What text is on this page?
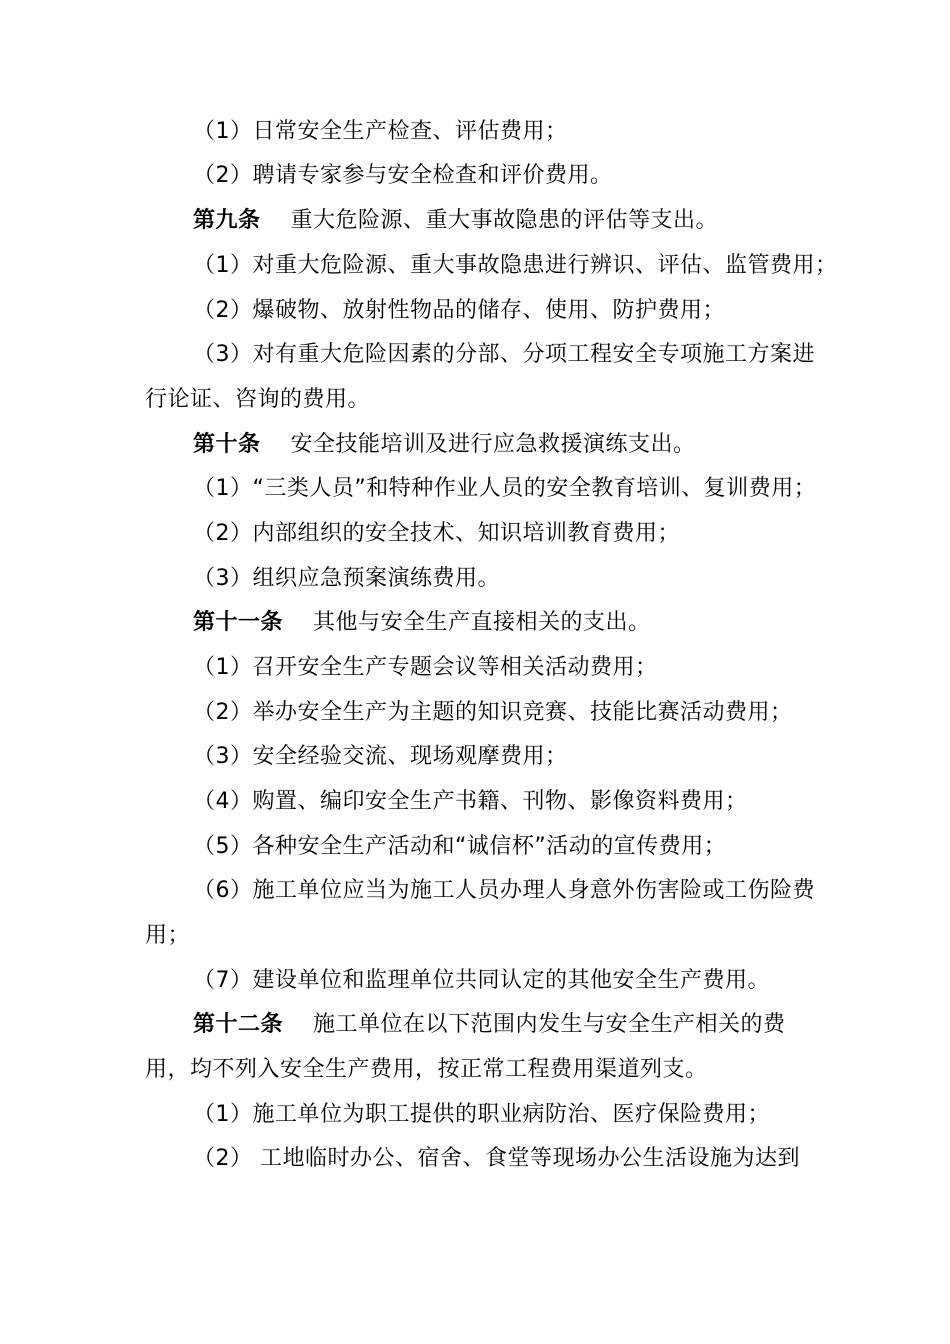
（1）日常安全生产检查、评估费用；
（2）聘请专家参与安全检查和评价费用。
第九条 重大危险源、重大事故隐患的评估等支出。
（1）对重大危险源、重大事故隐患进行辨识、评估、监管费用；
（2）爆破物、放射性物品的储存、使用、防护费用；
（3）对有重大危险因素的分部、分项工程安全专项施工方案进
行论证、咨询的费用。
第十条 安全技能培训及进行应急救援演练支出。
（1）“三类人员”和特种作业人员的安全教育培训、复训费用；
（2）内部组织的安全技术、知识培训教育费用；
（3）组织应急预案演练费用。
第十一条 其他与安全生产直接相关的支出。
（1）召开安全生产专题会议等相关活动费用；
（2）举办安全生产为主题的知识竞赛、技能比赛活动费用；
（3）安全经验交流、现场观摩费用；
（4）购置、编印安全生产书籍、刊物、影像资料费用；
（5）各种安全生产活动和“诚信杯”活动的宣传费用；
（6）施工单位应当为施工人员办理人身意外伤害险或工伤险费
用；
（7）建设单位和监理单位共同认定的其他安全生产费用。
第十二条 施工单位在以下范围内发生与安全生产相关的费
用，均不列入安全生产费用，按正常工程费用渠道列支。
（1）施工单位为职工提供的职业病防治、医疗保险费用；
（2） 工地临时办公、宿舍、食堂等现场办公生活设施为达到
